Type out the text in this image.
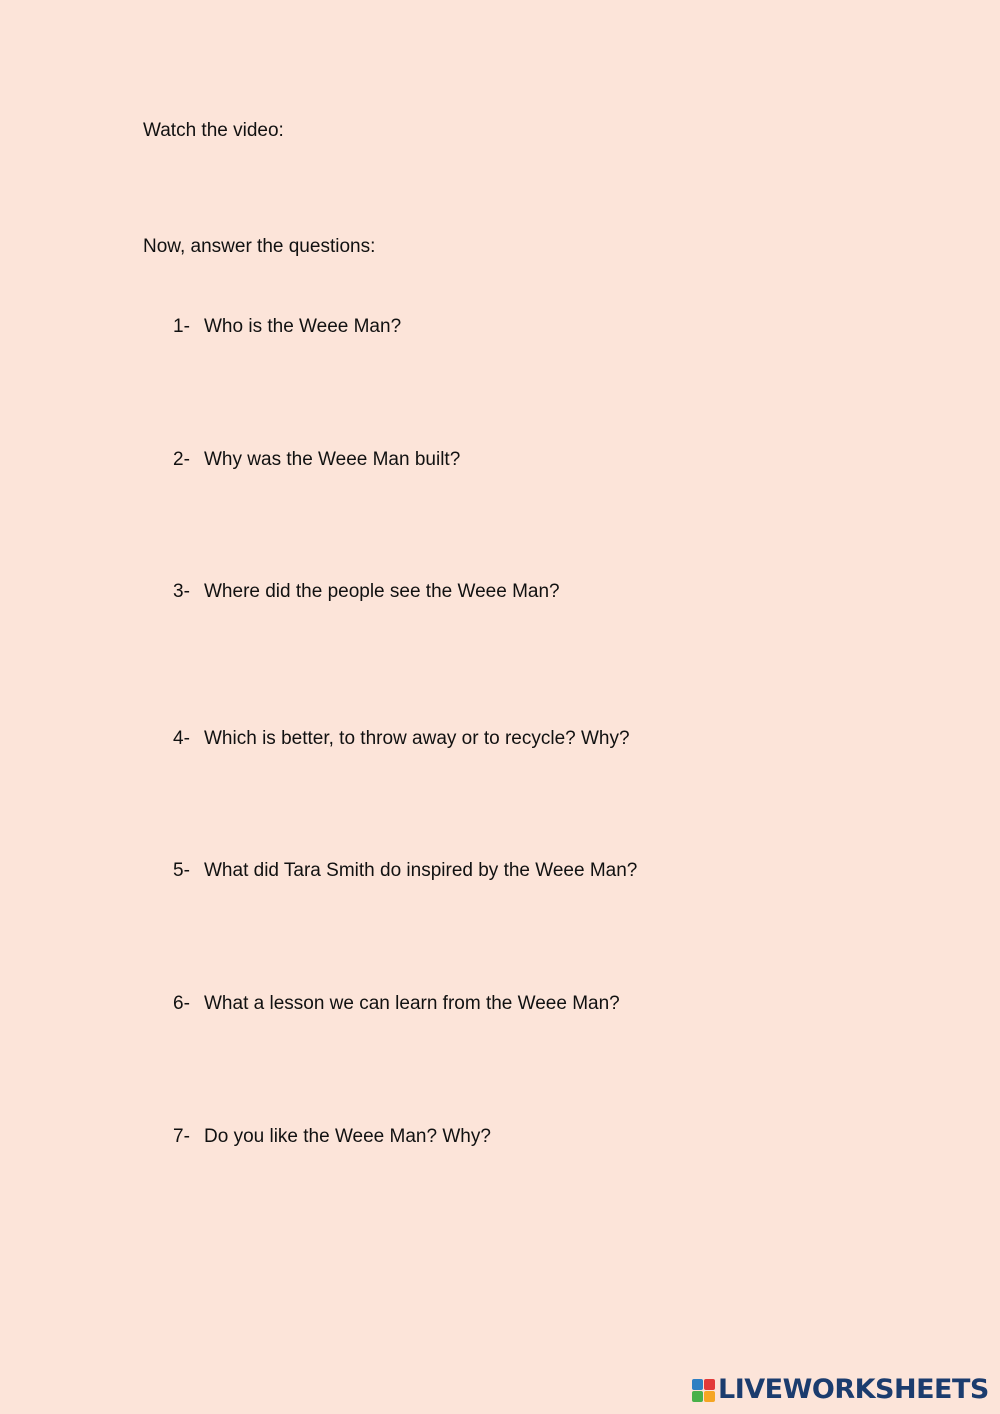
Watch the video:
Now, answer the questions:
1- Who is the Weee Man?
2- Why was the Weee Man built?
3- Where did the people see the Weee Man?
4- Which is better, to throw away or to recycle? Why?
5- What did Tara Smith do inspired by the Weee Man?
6- What a lesson we can learn from the Weee Man?
7- Do you like the Weee Man? Why?
LIVEWORKSHEETS
